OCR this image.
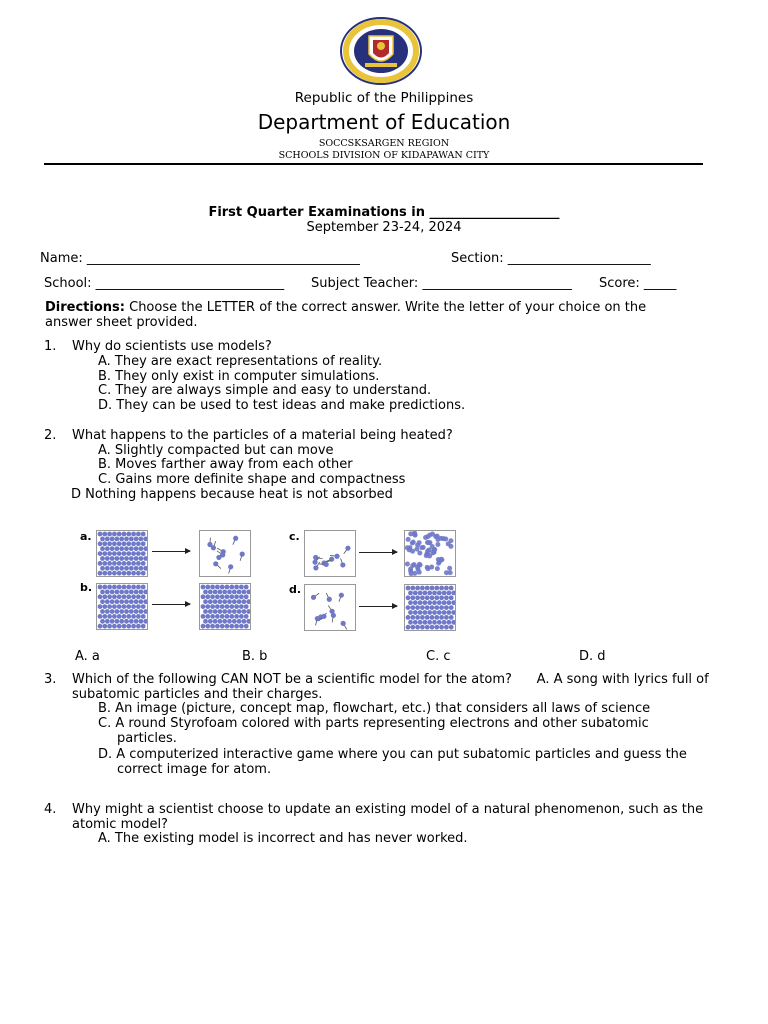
Republic of the Philippines
Department of Education
SOCCSKSARGEN REGION
SCHOOLS DIVISION OF KIDAPAWAN CITY
First Quarter Examinations in ____________________
September 23-24, 2024
Name: __________________________________________	Section: ______________________
School: _____________________________ Subject Teacher: _______________________ Score: _____
Directions: Choose the LETTER of the correct answer. Write the letter of your choice on the answer sheet provided.
1. Why do scientists use models?
A. They are exact representations of reality.
B. They only exist in computer simulations.
C. They are always simple and easy to understand.
D. They can be used to test ideas and make predictions.
2. What happens to the particles of a material being heated?
A. Slightly compacted but can move
B. Moves farther away from each other
C. Gains more definite shape and compactness
D Nothing happens because heat is not absorbed
a.
b.
c.
d.
A. a	B. b	C. c	D. d
3. Which of the following CAN NOT be a scientific model for the atom?      A. A song with lyrics full of subatomic particles and their charges.
B. An image (picture, concept map, flowchart, etc.) that considers all laws of science
C. A round Styrofoam colored with parts representing electrons and other subatomic particles.
D. A computerized interactive game where you can put subatomic particles and guess the correct image for atom.
4. Why might a scientist choose to update an existing model of a natural phenomenon, such as the atomic model?
A. The existing model is incorrect and has never worked.
